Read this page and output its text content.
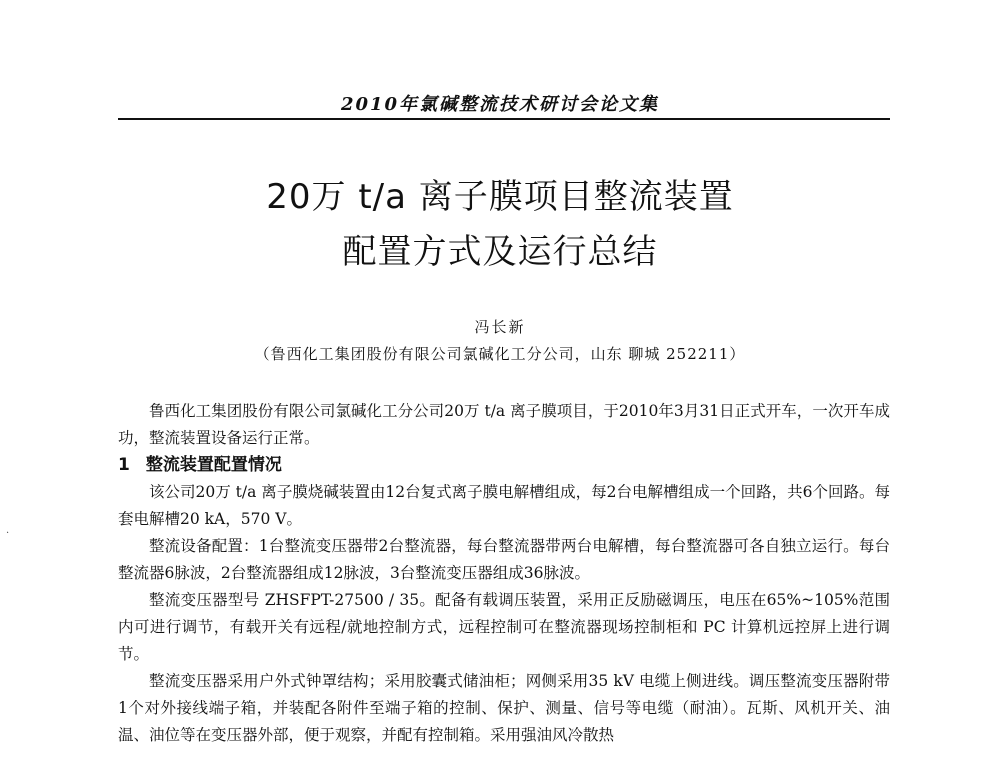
2010年氯碱整流技术研讨会论文集
20万 t/a 离子膜项目整流装置
配置方式及运行总结
冯长新
（鲁西化工集团股份有限公司氯碱化工分公司，山东 聊城 252211）
·

鲁西化工集团股份有限公司氯碱化工分公司20万 t/a 离子膜项目，于2010年3月31日正式开车，一次开车成功，整流装置设备运行正常。

1 整流装置配置情况

该公司20万 t/a 离子膜烧碱装置由12台复式离子膜电解槽组成，每2台电解槽组成一个回路，共6个回路。每套电解槽20 kA，570 V。

整流设备配置：1台整流变压器带2台整流器，每台整流器带两台电解槽，每台整流器可各自独立运行。每台整流器6脉波，2台整流器组成12脉波，3台整流变压器组成36脉波。

整流变压器型号 ZHSFPT-27500 / 35。配备有载调压装置，采用正反励磁调压，电压在65%~105%范围内可进行调节，有载开关有远程/就地控制方式，远程控制可在整流器现场控制柜和 PC 计算机远控屏上进行调节。

整流变压器采用户外式钟罩结构；采用胶囊式储油柜；网侧采用35 kV 电缆上侧进线。调压整流变压器附带1个对外接线端子箱，并装配各附件至端子箱的控制、保护、测量、信号等电缆（耐油）。瓦斯、风机开关、油温、油位等在变压器外部，便于观察，并配有控制箱。采用强油风冷散热
